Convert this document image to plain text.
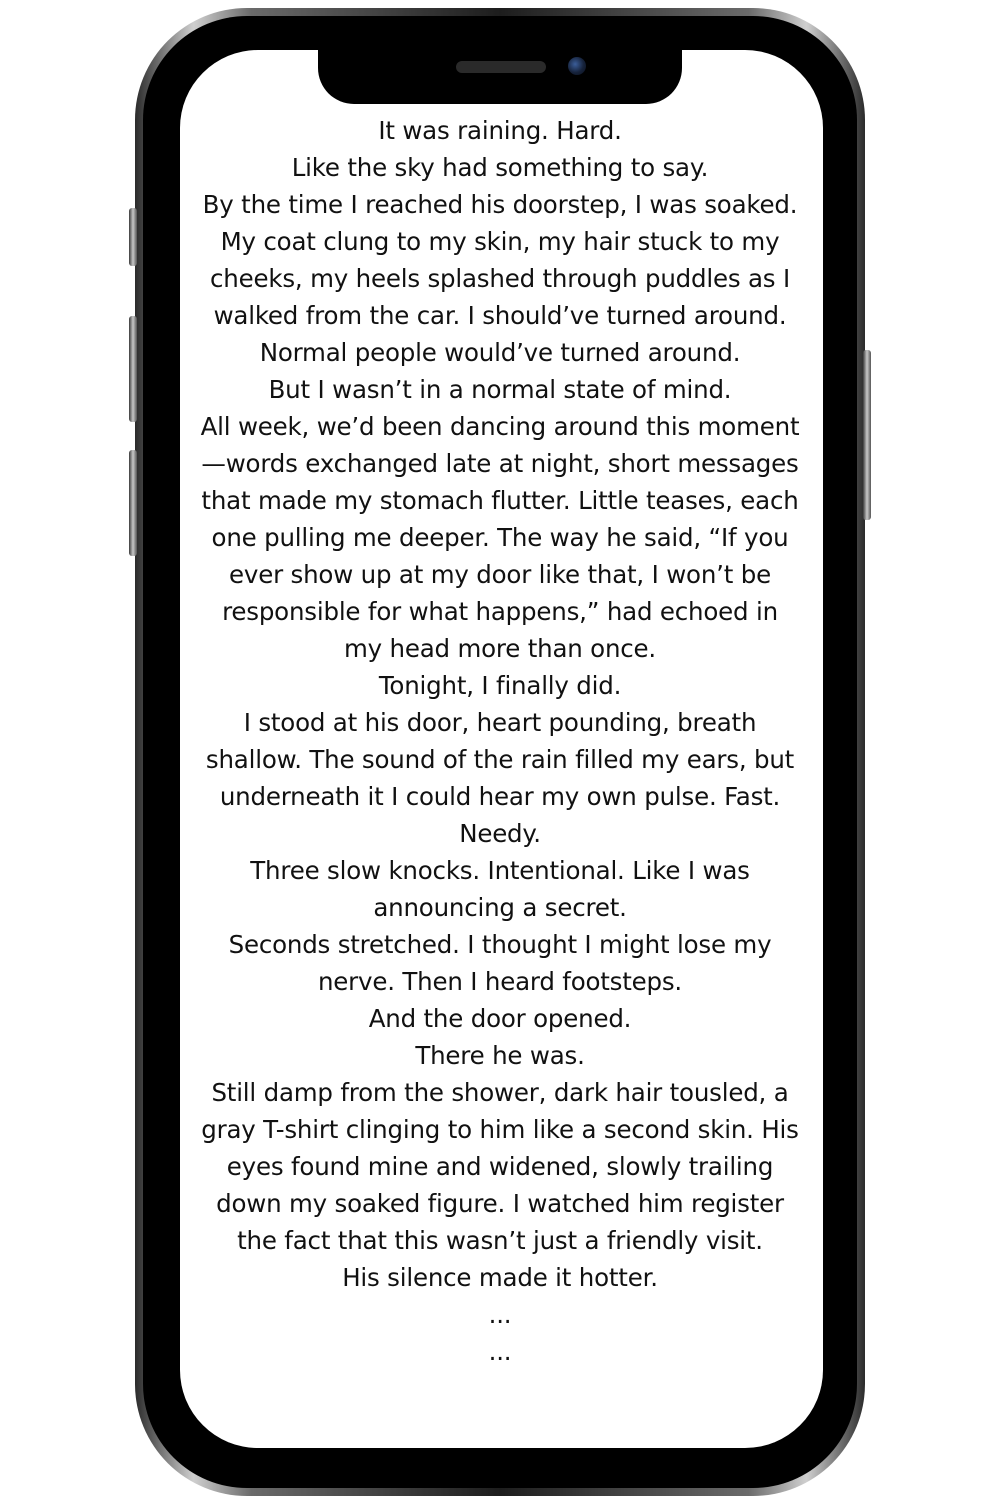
It was raining. Hard.

Like the sky had something to say.

By the time I reached his doorstep, I was soaked. My coat clung to my skin, my hair stuck to my cheeks, my heels splashed through puddles as I walked from the car. I should’ve turned around. Normal people would’ve turned around.

But I wasn’t in a normal state of mind.

All week, we’d been dancing around this moment—words exchanged late at night, short messages that made my stomach flutter. Little teases, each one pulling me deeper. The way he said, “If you ever show up at my door like that, I won’t be responsible for what happens,” had echoed in my head more than once.

Tonight, I finally did.

I stood at his door, heart pounding, breath shallow. The sound of the rain filled my ears, but underneath it I could hear my own pulse. Fast. Needy.

Three slow knocks. Intentional. Like I was announcing a secret.

Seconds stretched. I thought I might lose my nerve. Then I heard footsteps.

And the door opened.

There he was.

Still damp from the shower, dark hair tousled, a gray T-shirt clinging to him like a second skin. His eyes found mine and widened, slowly trailing down my soaked figure. I watched him register the fact that this wasn’t just a friendly visit.

His silence made it hotter.

...

...
